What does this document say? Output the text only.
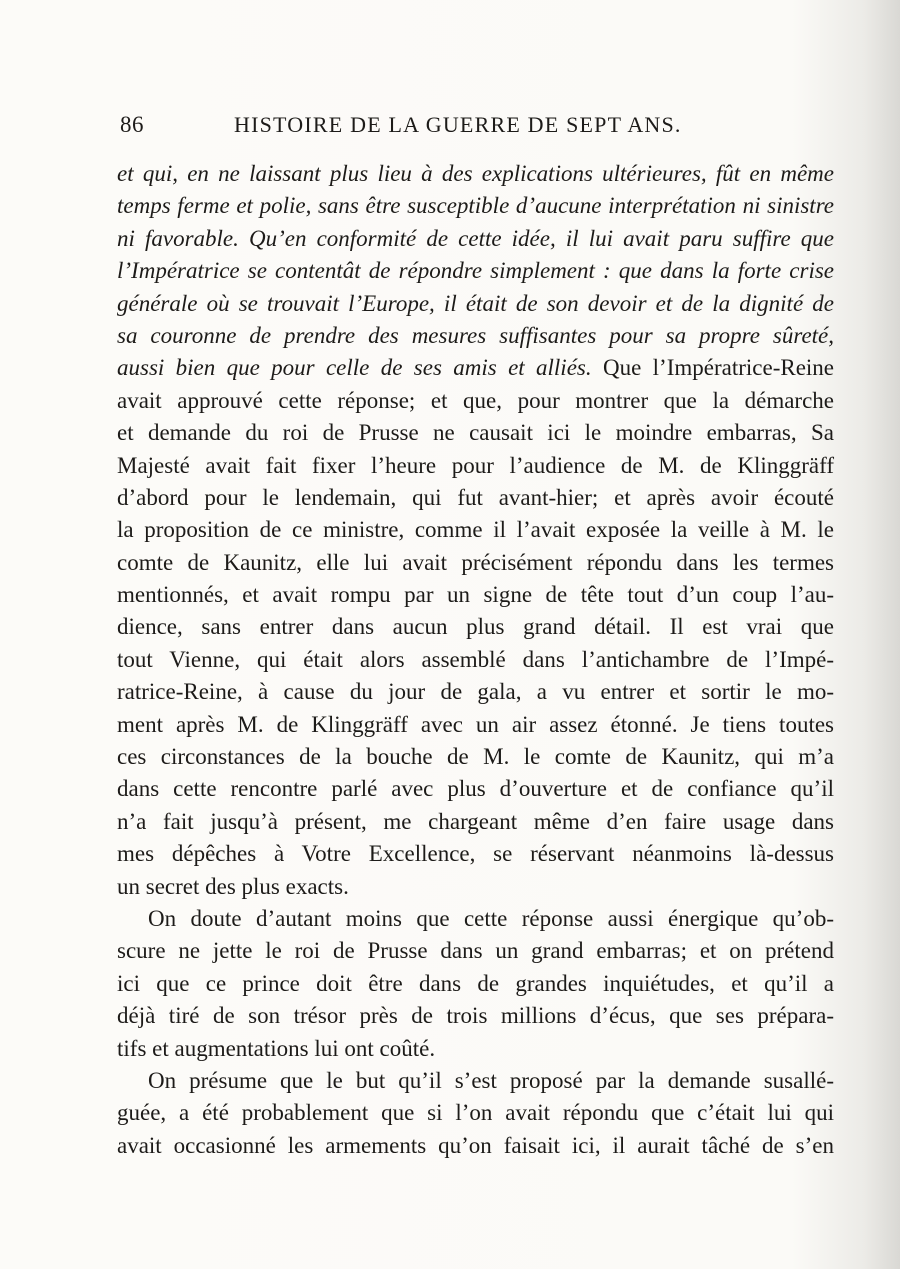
86	HISTOIRE DE LA GUERRE DE SEPT ANS.
et qui, en ne laissant plus lieu à des explications ultérieures, fût en même
temps ferme et polie, sans être susceptible d’aucune interprétation ni sinistre
ni favorable. Qu’en conformité de cette idée, il lui avait paru suffire que
l’Impératrice se contentât de répondre simplement : que dans la forte crise
générale où se trouvait l’Europe, il était de son devoir et de la dignité de
sa couronne de prendre des mesures suffisantes pour sa propre sûreté,
aussi bien que pour celle de ses amis et alliés. Que l’Impératrice-Reine
avait approuvé cette réponse; et que, pour montrer que la démarche
et demande du roi de Prusse ne causait ici le moindre embarras, Sa
Majesté avait fait fixer l’heure pour l’audience de M. de Klinggräff
d’abord pour le lendemain, qui fut avant-hier; et après avoir écouté
la proposition de ce ministre, comme il l’avait exposée la veille à M. le
comte de Kaunitz, elle lui avait précisément répondu dans les termes
mentionnés, et avait rompu par un signe de tête tout d’un coup l’au-
dience, sans entrer dans aucun plus grand détail. Il est vrai que
tout Vienne, qui était alors assemblé dans l’antichambre de l’Impé-
ratrice-Reine, à cause du jour de gala, a vu entrer et sortir le mo-
ment après M. de Klinggräff avec un air assez étonné. Je tiens toutes
ces circonstances de la bouche de M. le comte de Kaunitz, qui m’a
dans cette rencontre parlé avec plus d’ouverture et de confiance qu’il
n’a fait jusqu’à présent, me chargeant même d’en faire usage dans
mes dépêches à Votre Excellence, se réservant néanmoins là-dessus
un secret des plus exacts.
On doute d’autant moins que cette réponse aussi énergique qu’ob-
scure ne jette le roi de Prusse dans un grand embarras; et on prétend
ici que ce prince doit être dans de grandes inquiétudes, et qu’il a
déjà tiré de son trésor près de trois millions d’écus, que ses prépara-
tifs et augmentations lui ont coûté.
On présume que le but qu’il s’est proposé par la demande susallé-
guée, a été probablement que si l’on avait répondu que c’était lui qui
avait occasionné les armements qu’on faisait ici, il aurait tâché de s’en
